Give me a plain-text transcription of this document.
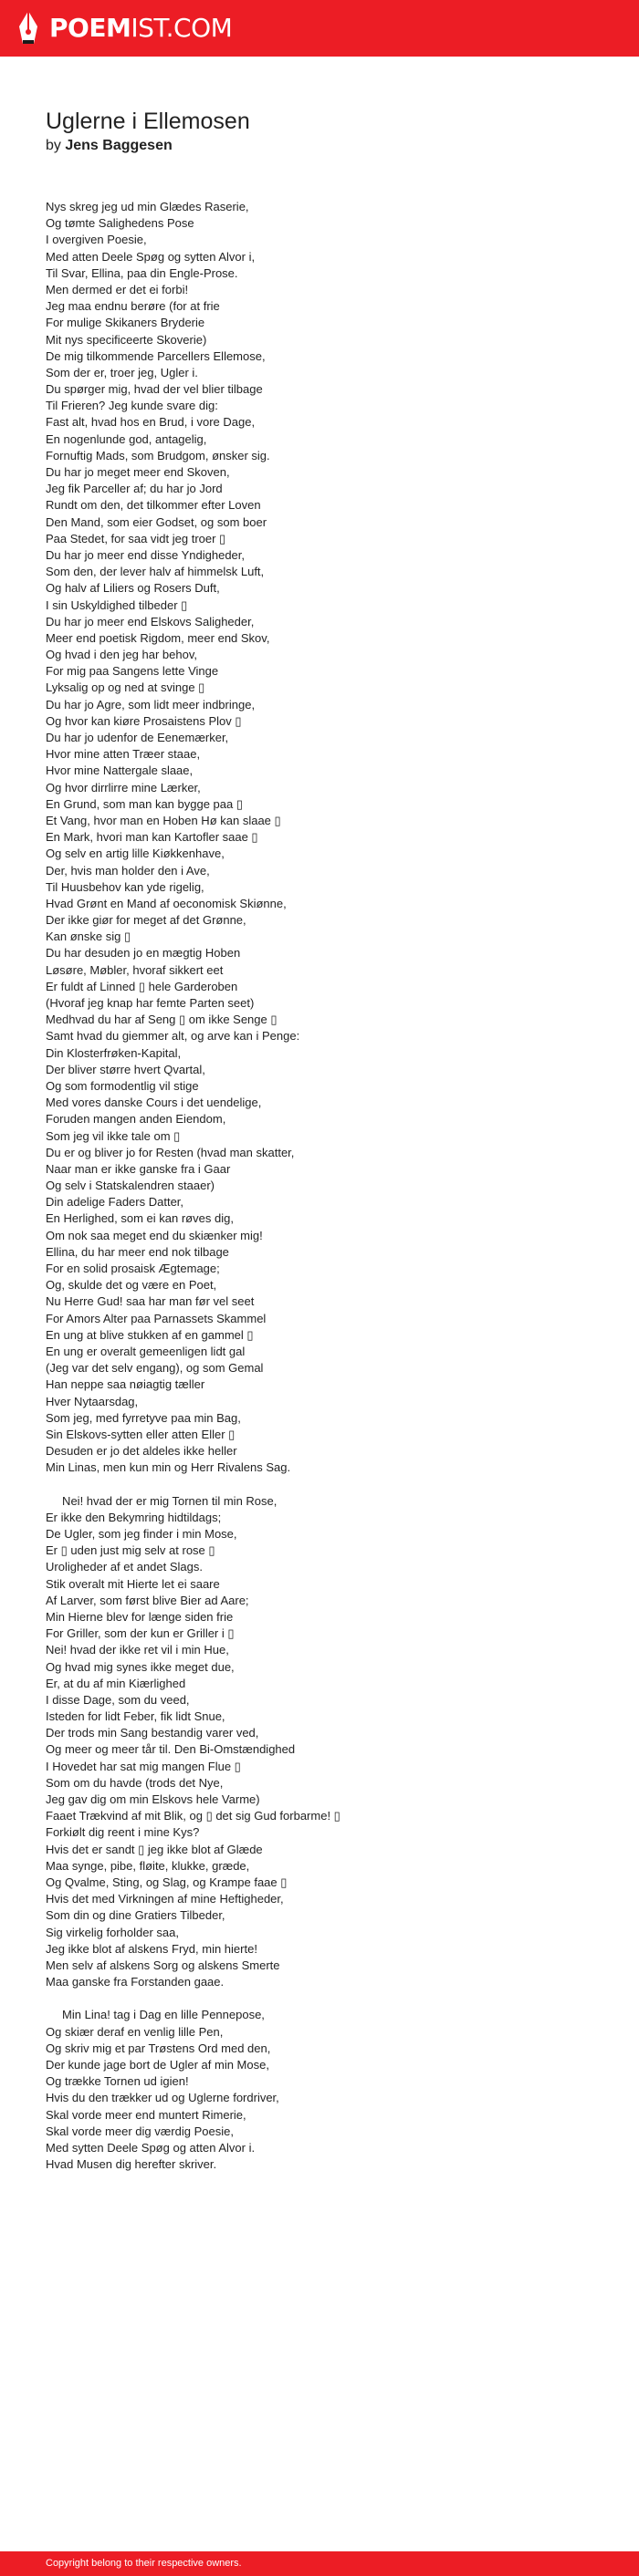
POEMIST.COM
Uglerne i Ellemosen
by Jens Baggesen
Nys skreg jeg ud min Glædes Raserie,
Og tømte Salighedens Pose
I overgiven Poesie,
Med atten Deele Spøg og sytten Alvor i,
Til Svar, Ellina, paa din Engle-Prose.
Men dermed er det ei forbi!
Jeg maa endnu berøre (for at frie
For mulige Skikaners Bryderie
Mit nys specificeerte Skoverie)
De mig tilkommende Parcellers Ellemose,
Som der er, troer jeg, Ugler i.
Du spørger mig, hvad der vel blier tilbage
Til Frieren? Jeg kunde svare dig:
Fast alt, hvad hos en Brud, i vore Dage,
En nogenlunde god, antagelig,
Fornuftig Mads, som Brudgom, ønsker sig.
Du har jo meget meer end Skoven,
Jeg fik Parceller af; du har jo Jord
Rundt om den, det tilkommer efter Loven
Den Mand, som eier Godset, og som boer
Paa Stedet, for saa vidt jeg troer ▯
Du har jo meer end disse Yndigheder,
Som den, der lever halv af himmelsk Luft,
Og halv af Liliers og Rosers Duft,
I sin Uskyldighed tilbeder ▯
Du har jo meer end Elskovs Saligheder,
Meer end poetisk Rigdom, meer end Skov,
Og hvad i den jeg har behov,
For mig paa Sangens lette Vinge
Lyksalig op og ned at svinge ▯
Du har jo Agre, som lidt meer indbringe,
Og hvor kan kiøre Prosaistens Plov ▯
Du har jo udenfor de Eenemærker,
Hvor mine atten Træer staae,
Hvor mine Nattergale slaae,
Og hvor dirrlirre mine Lærker,
En Grund, som man kan bygge paa ▯
Et Vang, hvor man en Hoben Hø kan slaae ▯
En Mark, hvori man kan Kartofler saae ▯
Og selv en artig lille Kiøkkenhave,
Der, hvis man holder den i Ave,
Til Huusbehov kan yde rigelig,
Hvad Grønt en Mand af oeconomisk Skiønne,
Der ikke giør for meget af det Grønne,
Kan ønske sig ▯
Du har desuden jo en mægtig Hoben
Løsøre, Møbler, hvoraf sikkert eet
Er fuldt af Linned ▯ hele Garderoben
(Hvoraf jeg knap har femte Parten seet)
Medhvad du har af Seng ▯ om ikke Senge ▯
Samt hvad du giemmer alt, og arve kan i Penge:
Din Klosterfrøken-Kapital,
Der bliver større hvert Qvartal,
Og som formodentlig vil stige
Med vores danske Cours i det uendelige,
Foruden mangen anden Eiendom,
Som jeg vil ikke tale om ▯
Du er og bliver jo for Resten (hvad man skatter,
Naar man er ikke ganske fra i Gaar
Og selv i Statskalendren staaer)
Din adelige Faders Datter,
En Herlighed, som ei kan røves dig,
Om nok saa meget end du skiænker mig!
Ellina, du har meer end nok tilbage
For en solid prosaisk Ægtemage;
Og, skulde det og være en Poet,
Nu Herre Gud! saa har man før vel seet
For Amors Alter paa Parnassets Skammel
En ung at blive stukken af en gammel ▯
En ung er overalt gemeenligen lidt gal
(Jeg var det selv engang), og som Gemal
Han neppe saa nøiagtig tæller
Hver Nytaarsdag,
Som jeg, med fyrretyve paa min Bag,
Sin Elskovs-sytten eller atten Eller ▯
Desuden er jo det aldeles ikke heller
Min Linas, men kun min og Herr Rivalens Sag.
Nei! hvad der er mig Tornen til min Rose,
Er ikke den Bekymring hidtildags;
De Ugler, som jeg finder i min Mose,
Er ▯ uden just mig selv at rose ▯
Uroligheder af et andet Slags.
Stik overalt mit Hierte let ei saare
Af Larver, som først blive Bier ad Aare;
Min Hierne blev for længe siden frie
For Griller, som der kun er Griller i ▯
Nei! hvad der ikke ret vil i min Hue,
Og hvad mig synes ikke meget due,
Er, at du af min Kiærlighed
I disse Dage, som du veed,
Isteden for lidt Feber, fik lidt Snue,
Der trods min Sang bestandig varer ved,
Og meer og meer tår til. Den Bi-Omstændighed
I Hovedet har sat mig mangen Flue ▯
Som om du havde (trods det Nye,
Jeg gav dig om min Elskovs hele Varme)
Faaet Trækvind af mit Blik, og ▯ det sig Gud forbarme! ▯
Forkiølt dig reent i mine Kys?
Hvis det er sandt ▯ jeg ikke blot af Glæde
Maa synge, pibe, fløite, klukke, græde,
Og Qvalme, Sting, og Slag, og Krampe faae ▯
Hvis det med Virkningen af mine Heftigheder,
Som din og dine Gratiers Tilbeder,
Sig virkelig forholder saa,
Jeg ikke blot af alskens Fryd, min hierte!
Men selv af alskens Sorg og alskens Smerte
Maa ganske fra Forstanden gaae.
Min Lina! tag i Dag en lille Pennepose,
Og skiær deraf en venlig lille Pen,
Og skriv mig et par Trøstens Ord med den,
Der kunde jage bort de Ugler af min Mose,
Og trække Tornen ud igien!
Hvis du den trækker ud og Uglerne fordriver,
Skal vorde meer end muntert Rimerie,
Skal vorde meer dig værdig Poesie,
Med sytten Deele Spøg og atten Alvor i.
Hvad Musen dig herefter skriver.
Copyright belong to their respective owners.
